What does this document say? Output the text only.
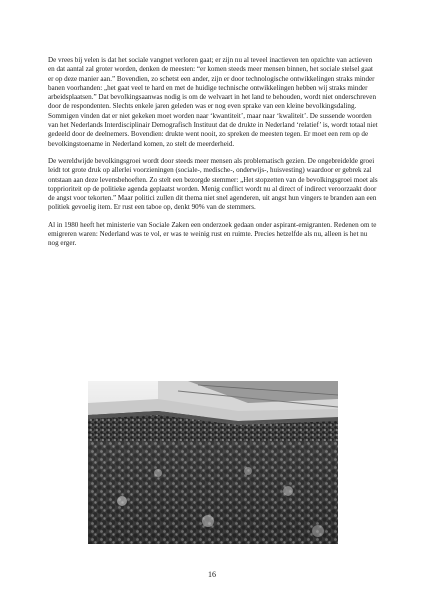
De vrees bij velen is dat het sociale vangnet verloren gaat; er zijn nu al teveel inactieven ten opzichte van actieven en dat aantal zal groter worden, denken de meesten: “er komen steeds meer mensen binnen, het sociale stelsel gaat er op deze manier aan.” Bovendien, zo schetst een ander, zijn er door technologische ontwikkelingen straks minder banen voorhanden: „het gaat veel te hard en met de huidige technische ontwikkelingen hebben wij straks minder arbeidsplaatsen.” Dat bevolkingsaanwas nodig is om de welvaart in het land te behouden, wordt niet onderschreven door de respondenten. Slechts enkele jaren geleden was er nog even sprake van een kleine bevolkingsdaling. Sommigen vinden dat er niet gekeken moet worden naar ‘kwantiteit’, maar naar ‘kwaliteit’. De sussende woorden van het Nederlands Interdisciplinair Demografisch Instituut dat de drukte in Nederland ‘relatief’ is, wordt totaal niet gedeeld door de deelnemers. Bovendien: drukte went nooit, zo spreken de meesten tegen. Er moet een rem op de bevolkingstoename in Nederland komen, zo stelt de meerderheid.

De wereldwijde bevolkingsgroei wordt door steeds meer mensen als problematisch gezien. De ongebreidelde groei leidt tot grote druk op allerlei voorzieningen (sociale-, medische-, onderwijs-, huisvesting) waardoor er gebrek zal ontstaan aan deze levensbehoeften. Zo stelt een bezorgde stemmer: „Het stopzetten van de bevolkingsgroei moet als topprioriteit op de politieke agenda geplaatst worden. Menig conflict wordt nu al direct of indirect veroorzaakt door de angst voor tekorten.” Maar politici zullen dit thema niet snel agenderen, uit angst hun vingers te branden aan een politiek gevoelig item. Er rust een taboe op, denkt 90% van de stemmers.

Al in 1980 heeft het ministerie van Sociale Zaken een onderzoek gedaan onder aspirant-emigranten. Redenen om te emigreren waren: Nederland was te vol, er was te weinig rust en ruimte. Precies hetzelfde als nu, alleen is het nu nog erger.

16
